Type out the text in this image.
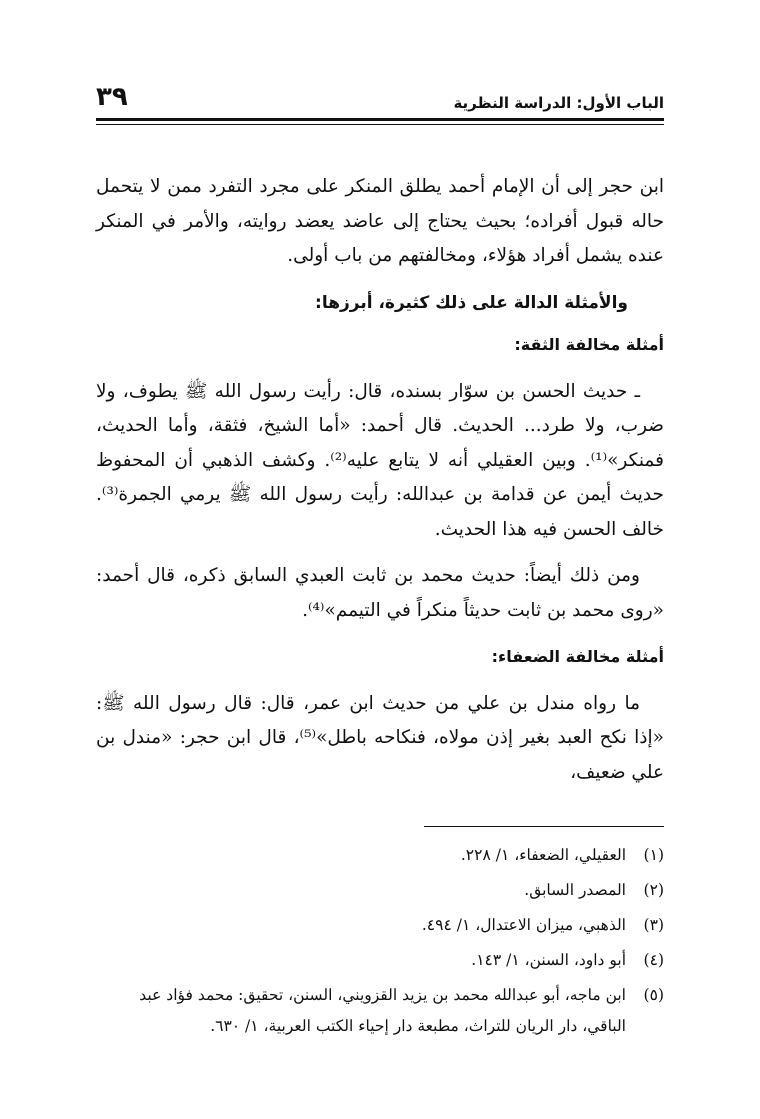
٣٩	الباب الأول: الدراسة النظرية

ابن حجر إلى أن الإمام أحمد يطلق المنكر على مجرد التفرد ممن لا يتحمل حاله قبول أفراده؛ بحيث يحتاج إلى عاضد يعضد روايته، والأمر في المنكر عنده يشمل أفراد هؤلاء، ومخالفتهم من باب أولى.

والأمثلة الدالة على ذلك كثيرة، أبرزها:

أمثلة مخالفة الثقة:

ـ حديث الحسن بن سوّار بسنده، قال: رأيت رسول الله ﷺ يطوف، ولا ضرب، ولا طرد... الحديث. قال أحمد: «أما الشيخ، فثقة، وأما الحديث، فمنكر»⁽¹⁾. وبين العقيلي أنه لا يتابع عليه⁽²⁾. وكشف الذهبي أن المحفوظ حديث أيمن عن قدامة بن عبدالله: رأيت رسول الله ﷺ يرمي الجمرة⁽³⁾. خالف الحسن فيه هذا الحديث.

ومن ذلك أيضاً: حديث محمد بن ثابت العبدي السابق ذكره، قال أحمد: «روى محمد بن ثابت حديثاً منكراً في التيمم»⁽⁴⁾.

أمثلة مخالفة الضعفاء:

ما رواه مندل بن علي من حديث ابن عمر، قال: قال رسول الله ﷺ: «إذا نكح العبد بغير إذن مولاه، فنكاحه باطل»⁽⁵⁾، قال ابن حجر: «مندل بن علي ضعيف،

(١)
العقيلي، الضعفاء، ١/ ٢٢٨.
(٢)
المصدر السابق.
(٣)
الذهبي، ميزان الاعتدال، ١/ ٤٩٤.
(٤)
أبو داود، السنن، ١/ ١٤٣.
(٥)
ابن ماجه، أبو عبدالله محمد بن يزيد القزويني، السنن، تحقيق: محمد فؤاد عبد الباقي، دار الريان للتراث، مطبعة دار إحياء الكتب العربية، ١/ ٦٣٠.
